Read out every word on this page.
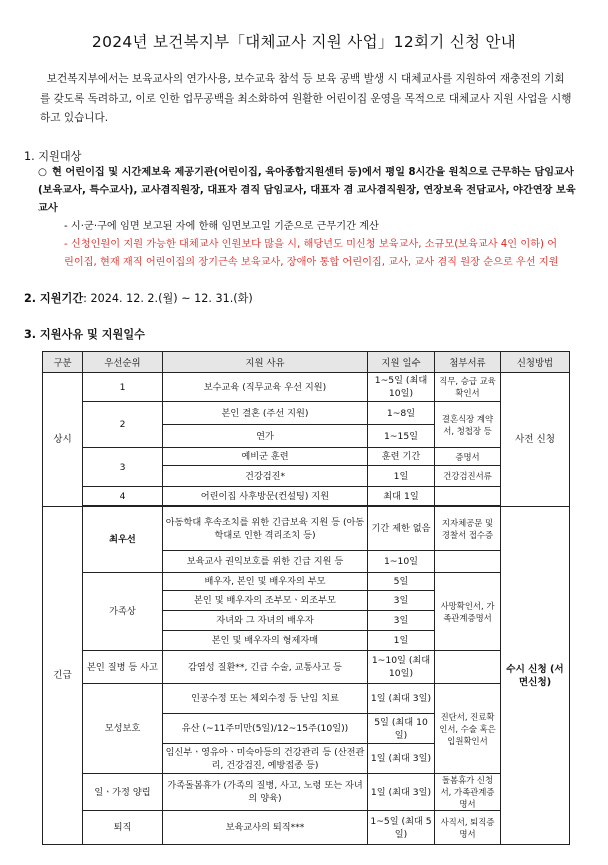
2024년 보건복지부「대체교사 지원 사업」12회기 신청 안내
보건복지부에서는 보육교사의 연가사용, 보수교육 참석 등 보육 공백 발생 시 대체교사를 지원하여 재충전의 기회를 갖도록 독려하고, 이로 인한 업무공백을 최소화하여 원활한 어린이집 운영을 목적으로 대체교사 지원 사업을 시행하고 있습니다.
1. 지원대상
○ 현 어린이집 및 시간제보육 제공기관(어린이집, 육아종합지원센터 등)에서 평일 8시간을 원칙으로 근무하는 담임교사(보육교사, 특수교사), 교사겸직원장, 대표자 겸직 담임교사, 대표자 겸 교사겸직원장, 연장보육 전담교사, 야간연장 보육교사
- 시·군·구에 임면 보고된 자에 한해 임면보고일 기준으로 근무기간 계산
- 신청인원이 지원 가능한 대체교사 인원보다 많을 시, 해당년도 미신청 보육교사, 소규모(보육교사 4인 이하) 어린이집, 현재 재직 어린이집의 장기근속 보육교사, 장애아 통합 어린이집, 교사, 교사 겸직 원장 순으로 우선 지원
2. 지원기간: 2024. 12. 2.(월) ~ 12. 31.(화)
3. 지원사유 및 지원일수
구분	우선순위	지원 사유	지원 일수	첨부서류	신청방법
상시	1	보수교육 (직무교육 우선 지원)	1~5일 (최대 10일)	직무, 승급 교육확인서	사전 신청
	2	본인 결혼 (주선 지원)	1~8일	결혼식장 계약서, 청첩장 등	
		연가	1~15일		
	3	예비군 훈련	훈련 기간	증명서	
		건강검진*	1일	건강검진서류	
	4	어린이집 사후방문(컨설팅) 지원	최대 1일		

긴급	최우선	아동학대 후속조치를 위한 긴급보육 지원 등 (아동학대로 인한 격리조치 등)	기간 제한 없음	지자체공문 및 경찰서 접수증	수시 신청 (서면신청)
		보육교사 권익보호를 위한 긴급 지원 등	1~10일		
	가족상	배우자, 본인 및 배우자의 부모	5일	사망확인서, 가족관계증명서	
		본인 및 배우자의 조부모ㆍ외조부모	3일		
		자녀와 그 자녀의 배우자	3일		
		본인 및 배우자의 형제자매	1일		
	본인 질병 등 사고	감염성 질환**, 긴급 수술, 교통사고 등	1~10일 (최대 10일)		
	모성보호	인공수정 또는 체외수정 등 난임 치료	1일 (최대 3일)	진단서, 진료확인서, 수술 혹은 입원확인서	
		유산 (~11주미만(5일)/12~15주(10일))	5일 (최대 10일)		
		임신부ㆍ영유아ㆍ미숙아등의 건강관리 등 (산전관리, 건강검진, 예방접종 등)	1일 (최대 3일)		
	일ㆍ가정 양립	가족돌봄휴가 (가족의 질병, 사고, 노령 또는 자녀의 양육)	1일 (최대 3일)	돌봄휴가 신청서, 가족관계증명서	
	퇴직	보육교사의 퇴직***	1~5일 (최대 5일)	사직서, 퇴직증명서	
